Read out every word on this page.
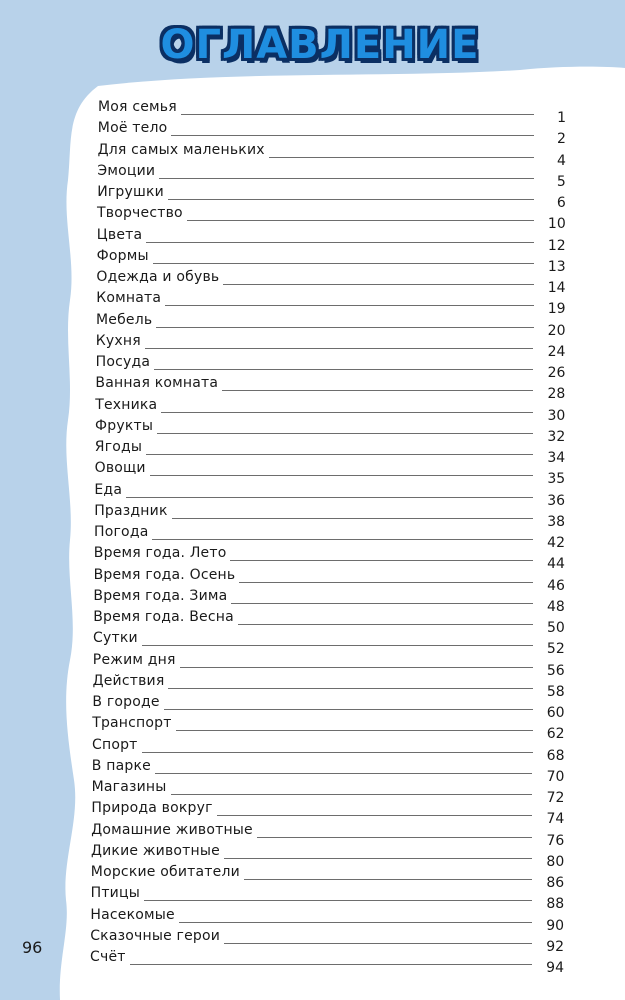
ОГЛАВЛЕНИЕ
Моя семья
1
Моё тело
2
Для самых маленьких
4
Эмоции
5
Игрушки
6
Творчество
10
Цвета
12
Формы
13
Одежда и обувь
14
Комната
19
Мебель
20
Кухня
24
Посуда
26
Ванная комната
28
Техника
30
Фрукты
32
Ягоды
34
Овощи
35
Еда
36
Праздник
38
Погода
42
Время года. Лето
44
Время года. Осень
46
Время года. Зима
48
Время года. Весна
50
Сутки
52
Режим дня
56
Действия
58
В городе
60
Транспорт
62
Спорт
68
В парке
70
Магазины
72
Природа вокруг
74
Домашние животные
76
Дикие животные
80
Морские обитатели
86
Птицы
88
Насекомые
90
Сказочные герои
92
Счёт
94
96
